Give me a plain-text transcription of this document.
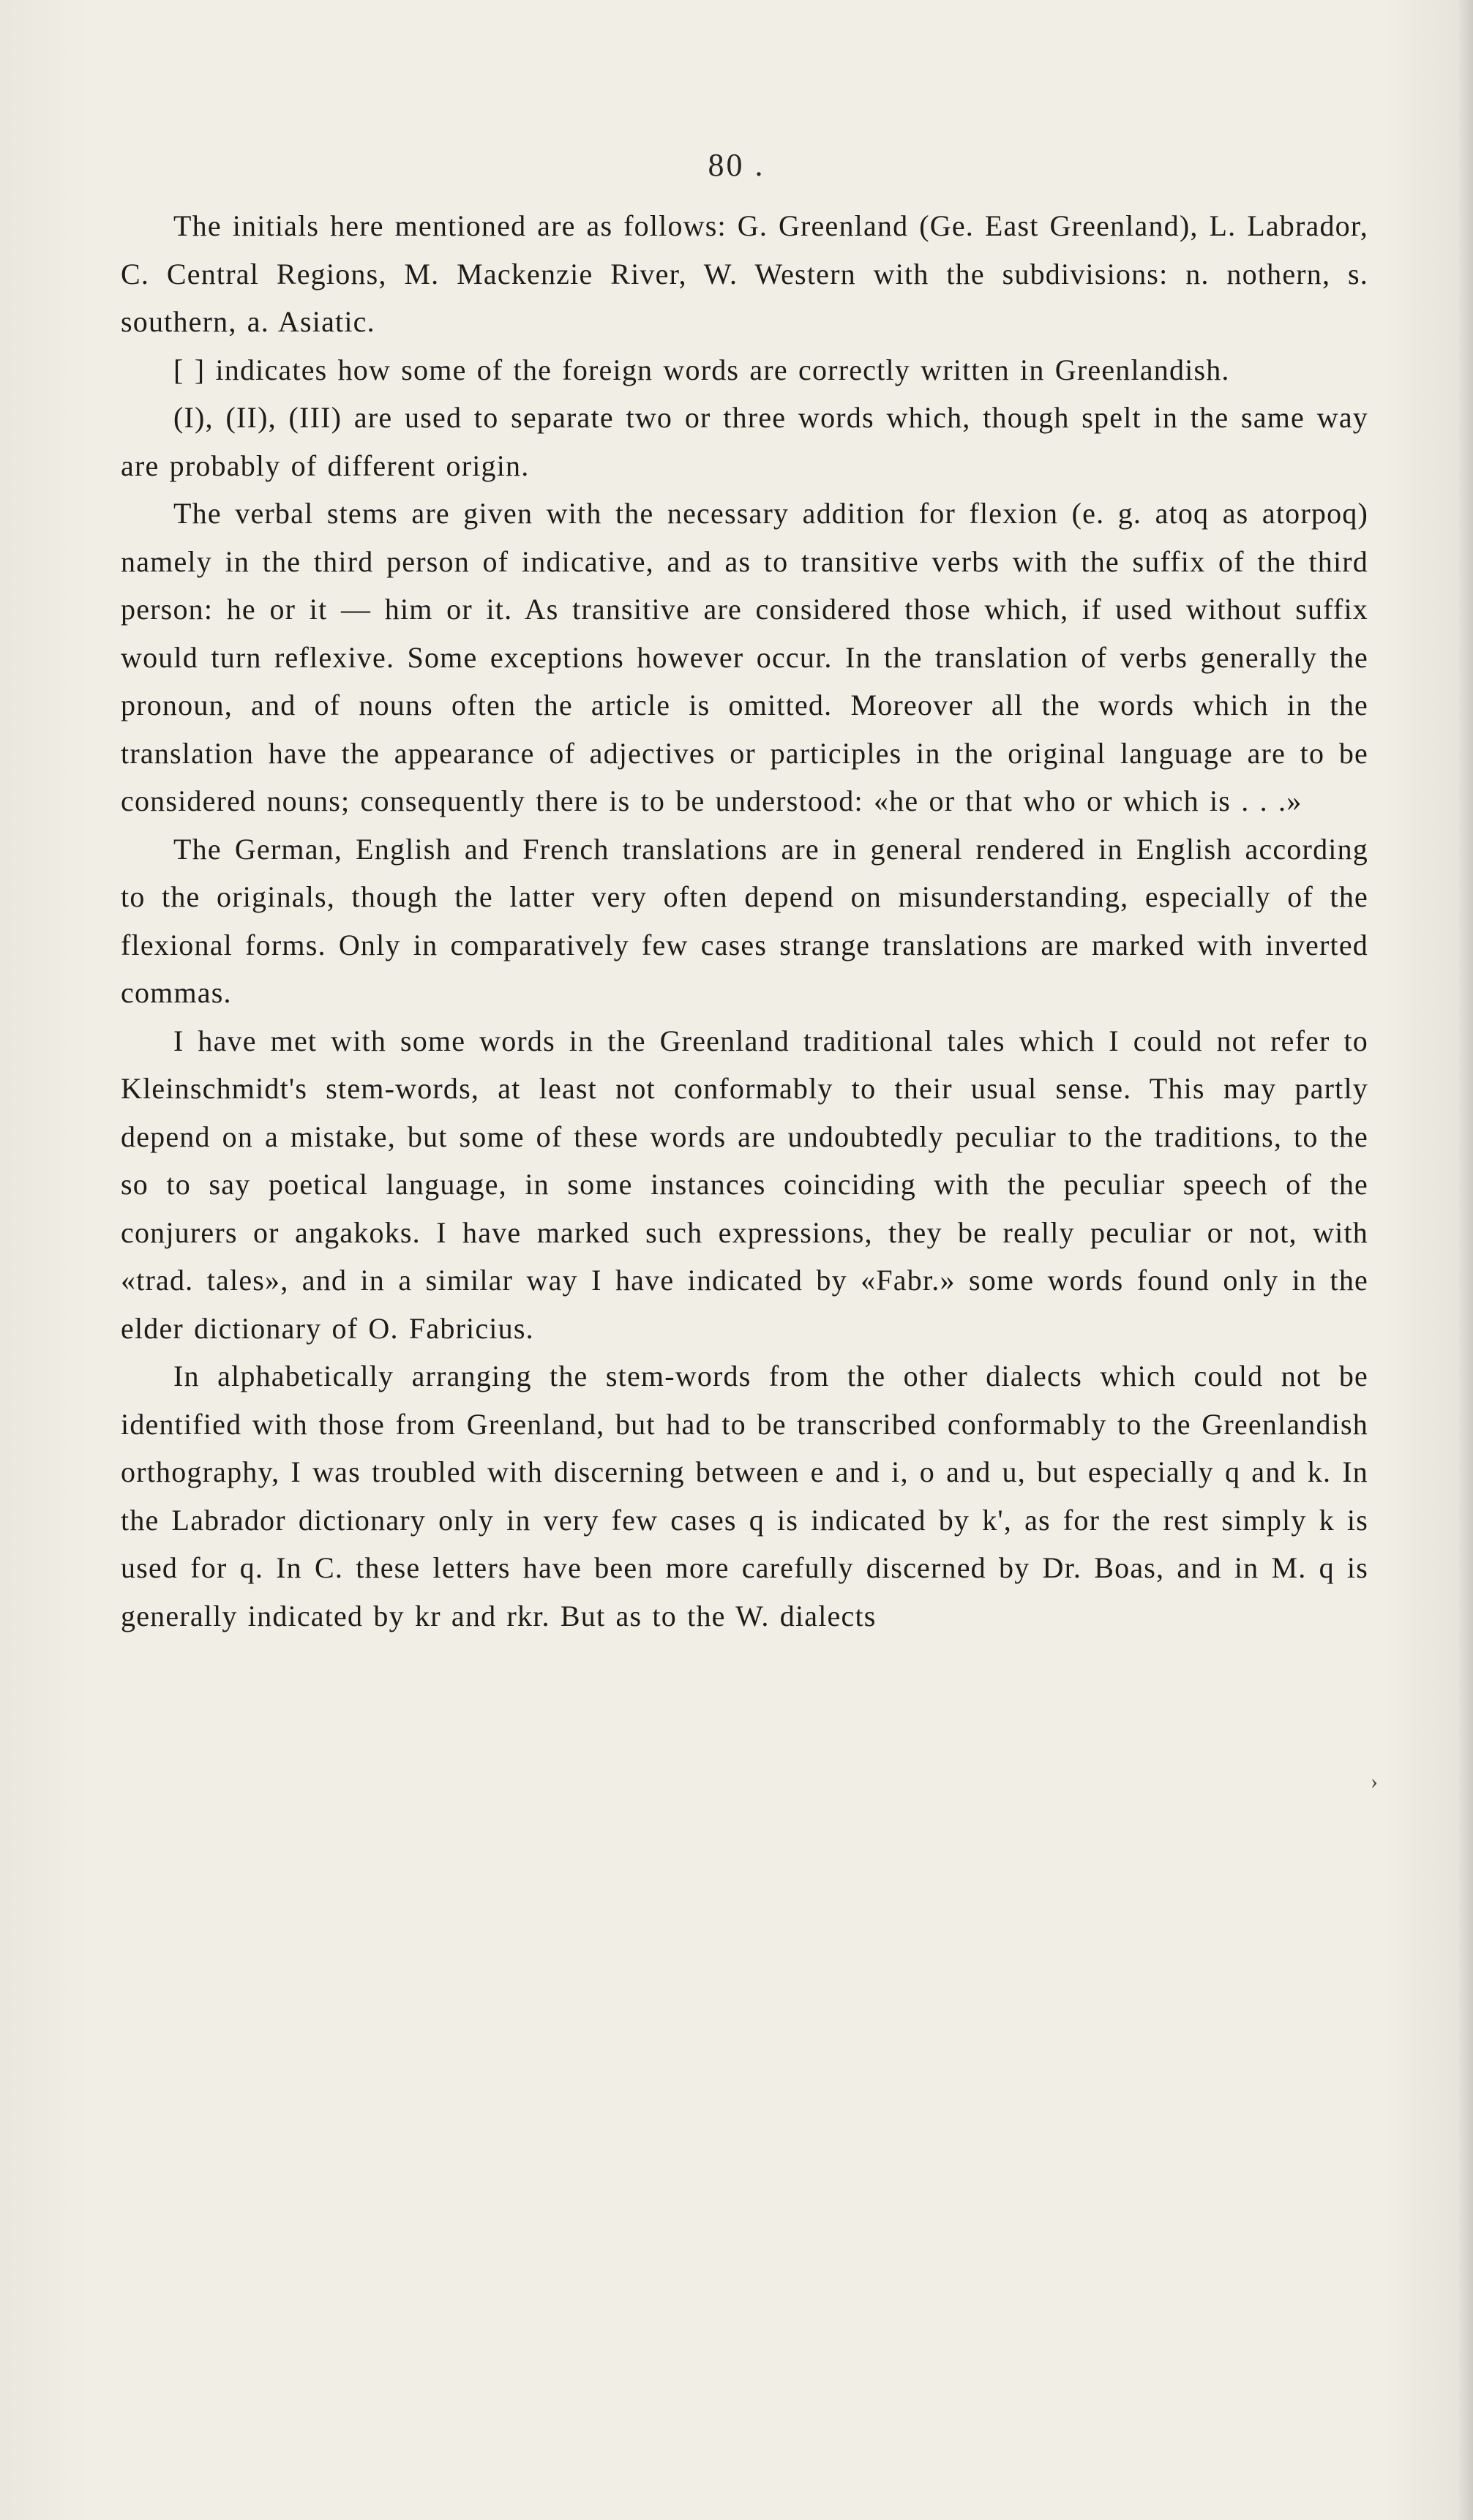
80 .

The initials here mentioned are as follows: G. Greenland (Ge. East Greenland), L. Labrador, C. Central Regions, M. Mackenzie River, W. Western with the subdivisions: n. nothern, s. southern, a. Asiatic.

[ ] indicates how some of the foreign words are correctly written in Greenlandish.

(I), (II), (III) are used to separate two or three words which, though spelt in the same way are probably of different origin.

The verbal stems are given with the necessary addition for flexion (e. g. atoq as atorpoq) namely in the third person of indicative, and as to transitive verbs with the suffix of the third person: he or it — him or it. As transitive are considered those which, if used without suffix would turn reflexive. Some exceptions however occur. In the translation of verbs generally the pronoun, and of nouns often the article is omitted. Moreover all the words which in the translation have the appearance of adjectives or participles in the original language are to be considered nouns; consequently there is to be understood: «he or that who or which is . . .»

The German, English and French translations are in general rendered in English according to the originals, though the latter very often depend on misunderstanding, especially of the flexional forms. Only in comparatively few cases strange translations are marked with inverted commas.

I have met with some words in the Greenland traditional tales which I could not refer to Kleinschmidt's stem-words, at least not conformably to their usual sense. This may partly depend on a mistake, but some of these words are undoubtedly peculiar to the traditions, to the so to say poetical language, in some instances coinciding with the peculiar speech of the conjurers or angakoks. I have marked such expressions, they be really peculiar or not, with «trad. tales», and in a similar way I have indicated by «Fabr.» some words found only in the elder dictionary of O. Fabricius.

In alphabetically arranging the stem-words from the other dialects which could not be identified with those from Greenland, but had to be transcribed conformably to the Greenlandish orthography, I was troubled with discerning between e and i, o and u, but especially q and k. In the Labrador dictionary only in very few cases q is indicated by k', as for the rest simply k is used for q. In C. these letters have been more carefully discerned by Dr. Boas, and in M. q is generally indicated by kr and rkr. But as to the W. dialects

›
